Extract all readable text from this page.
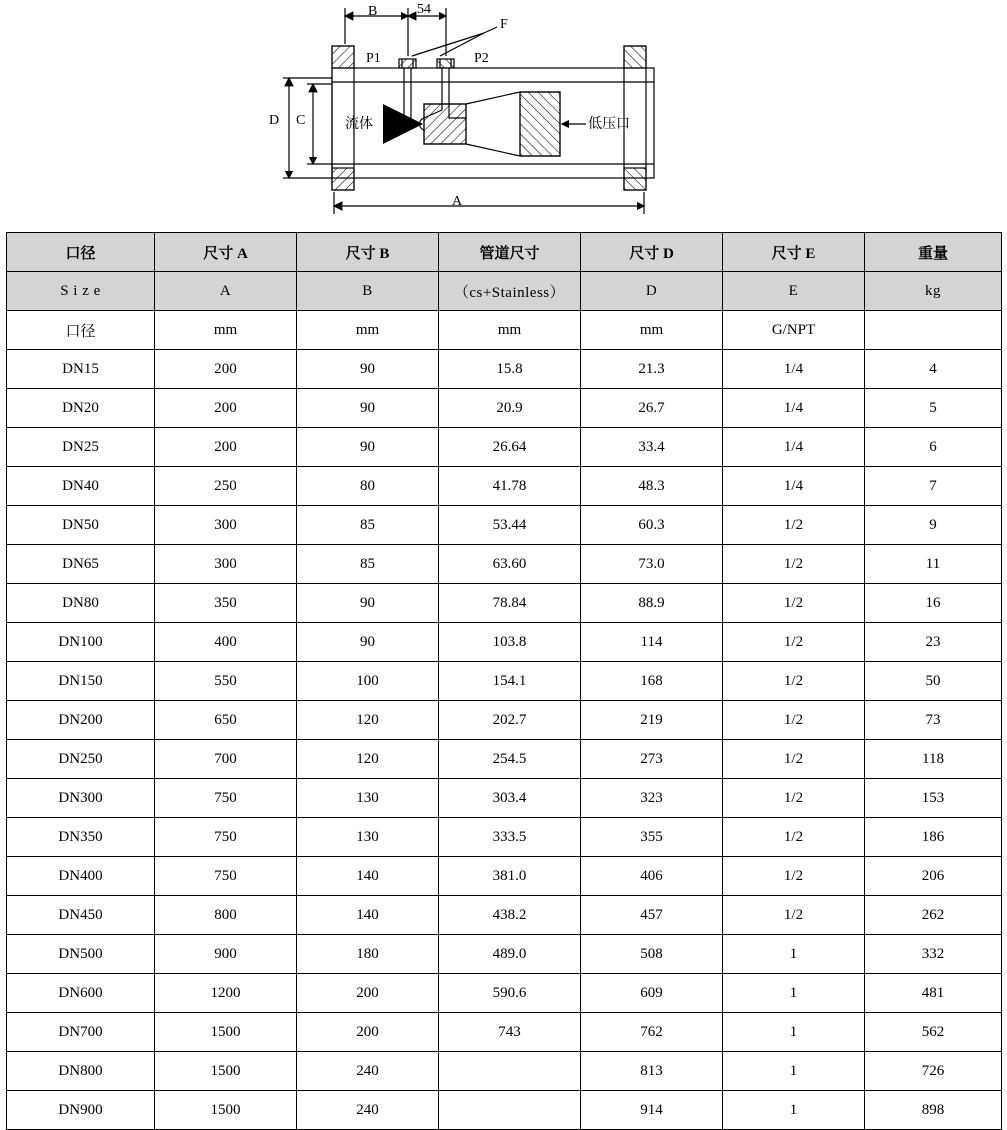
B	54
F
P1	P2
D C
A
流体	低压口
口径	尺寸 A	尺寸 B	管道尺寸	尺寸 D	尺寸 E	重量
S i z e	A	B	（cs+Stainless）	D	E	kg
口径	mm	mm	mm	mm	G/NPT	
DN15	200	90	15.8	21.3	1/4	4
DN20	200	90	20.9	26.7	1/4	5
DN25	200	90	26.64	33.4	1/4	6
DN40	250	80	41.78	48.3	1/4	7
DN50	300	85	53.44	60.3	1/2	9
DN65	300	85	63.60	73.0	1/2	11
DN80	350	90	78.84	88.9	1/2	16
DN100	400	90	103.8	114	1/2	23
DN150	550	100	154.1	168	1/2	50
DN200	650	120	202.7	219	1/2	73
DN250	700	120	254.5	273	1/2	118
DN300	750	130	303.4	323	1/2	153
DN350	750	130	333.5	355	1/2	186
DN400	750	140	381.0	406	1/2	206
DN450	800	140	438.2	457	1/2	262
DN500	900	180	489.0	508	1	332
DN600	1200	200	590.6	609	1	481
DN700	1500	200	743	762	1	562
DN800	1500	240		813	1	726
DN900	1500	240		914	1	898
